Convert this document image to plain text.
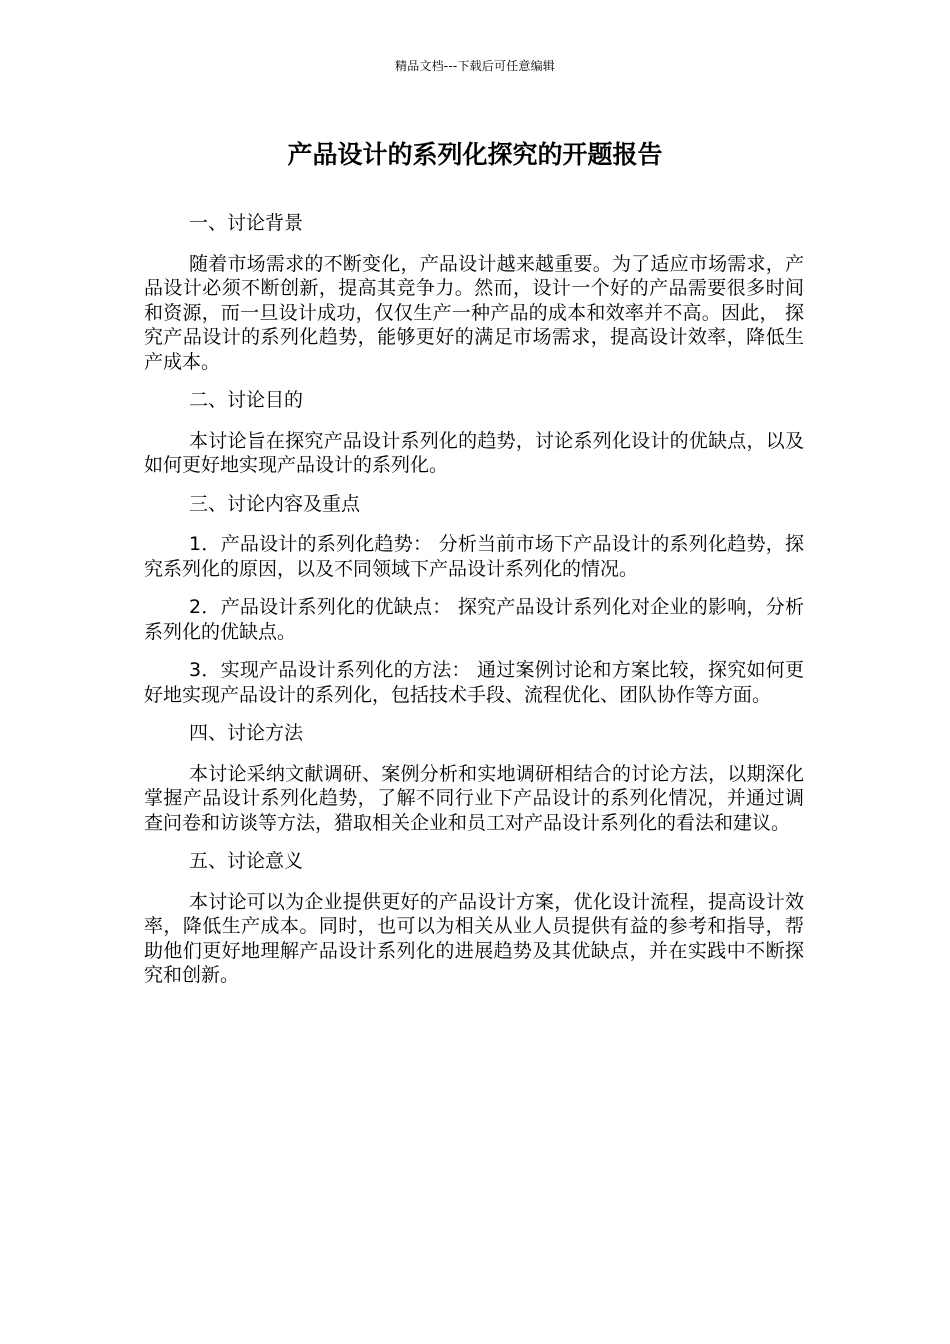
精品文档---下载后可任意编辑
产品设计的系列化探究的开题报告

一、讨论背景

随着市场需求的不断变化，产品设计越来越重要。为了适应市场需求，产品设计必须不断创新，提高其竞争力。然而，设计一个好的产品需要很多时间和资源，而一旦设计成功，仅仅生产一种产品的成本和效率并不高。因此， 探究产品设计的系列化趋势，能够更好的满足市场需求，提高设计效率，降低生产成本。

二、讨论目的

本讨论旨在探究产品设计系列化的趋势，讨论系列化设计的优缺点，以及如何更好地实现产品设计的系列化。

三、讨论内容及重点

1．产品设计的系列化趋势： 分析当前市场下产品设计的系列化趋势，探究系列化的原因，以及不同领域下产品设计系列化的情况。

2．产品设计系列化的优缺点： 探究产品设计系列化对企业的影响，分析系列化的优缺点。

3．实现产品设计系列化的方法： 通过案例讨论和方案比较，探究如何更好地实现产品设计的系列化，包括技术手段、流程优化、团队协作等方面。

四、讨论方法

本讨论采纳文献调研、案例分析和实地调研相结合的讨论方法，以期深化掌握产品设计系列化趋势，了解不同行业下产品设计的系列化情况，并通过调查问卷和访谈等方法，猎取相关企业和员工对产品设计系列化的看法和建议。

五、讨论意义

本讨论可以为企业提供更好的产品设计方案，优化设计流程，提高设计效率，降低生产成本。同时，也可以为相关从业人员提供有益的参考和指导，帮助他们更好地理解产品设计系列化的进展趋势及其优缺点，并在实践中不断探究和创新。
